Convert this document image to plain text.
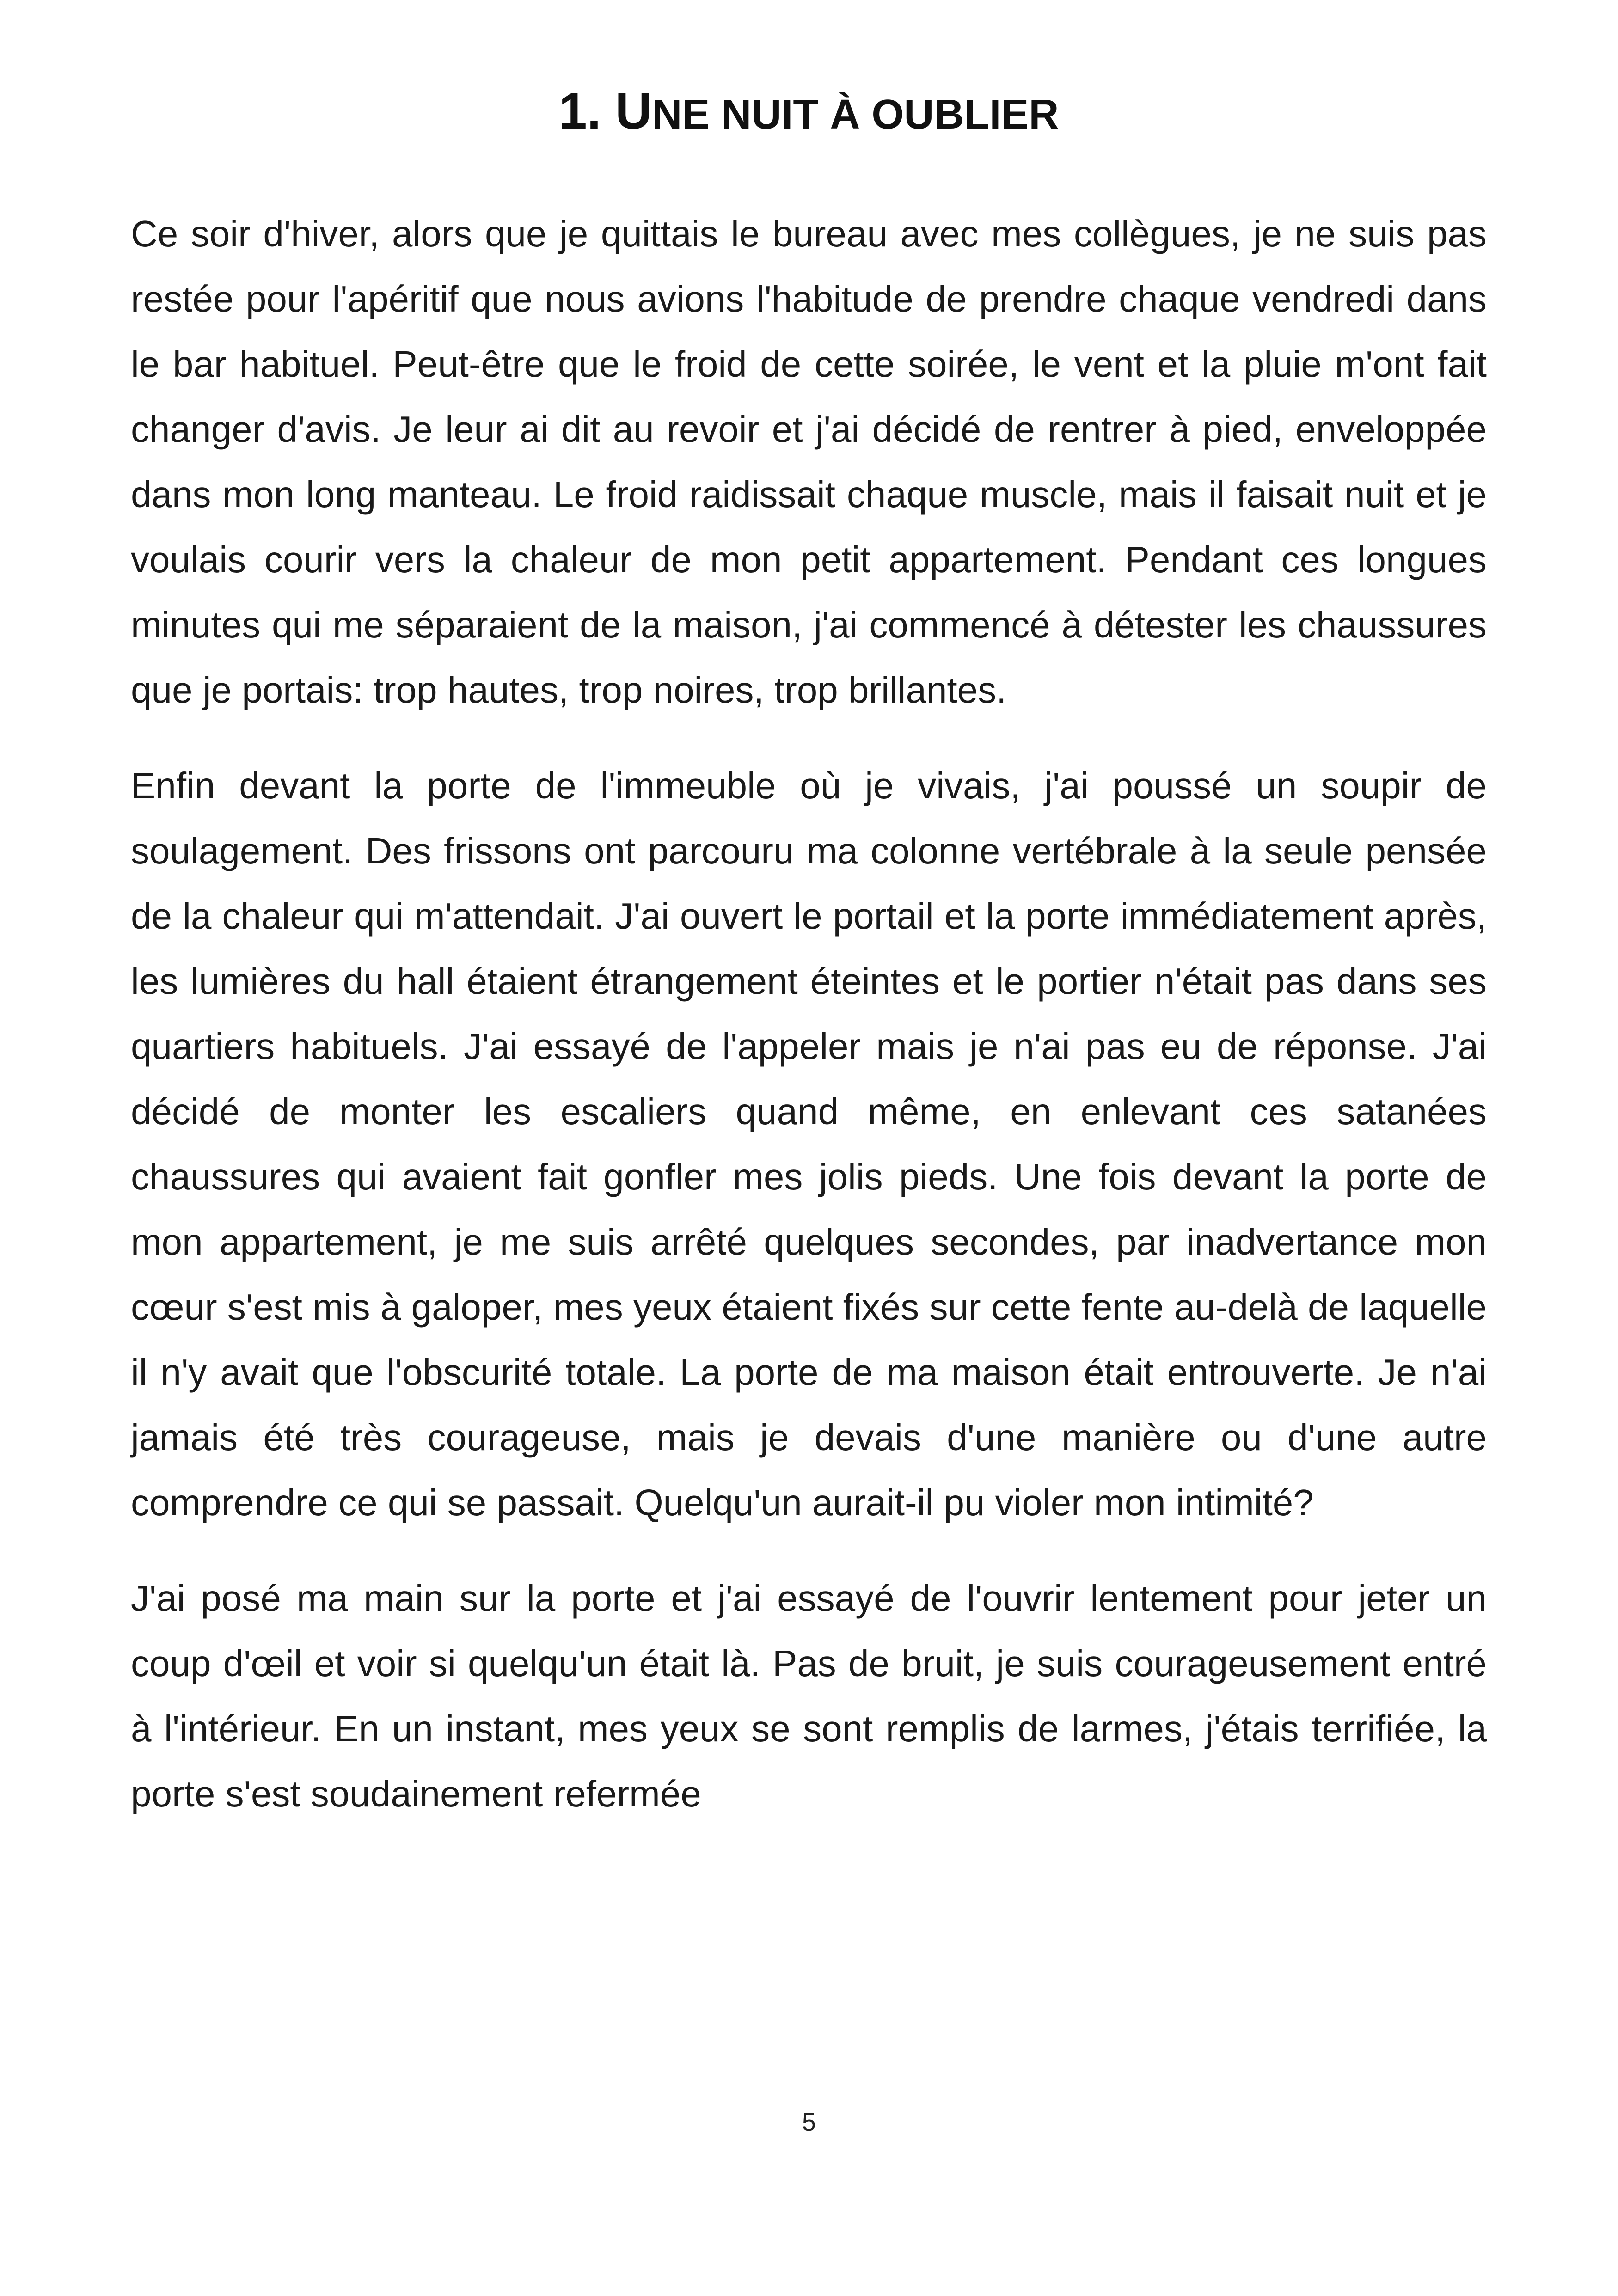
1. UNE NUIT À OUBLIER

Ce soir d'hiver, alors que je quittais le bureau avec mes collègues, je ne suis pas restée pour l'apéritif que nous avions l'habitude de prendre chaque vendredi dans le bar habituel. Peut-être que le froid de cette soirée, le vent et la pluie m'ont fait changer d'avis. Je leur ai dit au revoir et j'ai décidé de rentrer à pied, enveloppée dans mon long manteau. Le froid raidissait chaque muscle, mais il faisait nuit et je voulais courir vers la chaleur de mon petit appartement. Pendant ces longues minutes qui me séparaient de la maison, j'ai commencé à détester les chaussures que je portais: trop hautes, trop noires, trop brillantes.

Enfin devant la porte de l'immeuble où je vivais, j'ai poussé un soupir de soulagement. Des frissons ont parcouru ma colonne vertébrale à la seule pensée de la chaleur qui m'attendait. J'ai ouvert le portail et la porte immédiatement après, les lumières du hall étaient étrangement éteintes et le portier n'était pas dans ses quartiers habituels. J'ai essayé de l'appeler mais je n'ai pas eu de réponse. J'ai décidé de monter les escaliers quand même, en enlevant ces satanées chaussures qui avaient fait gonfler mes jolis pieds. Une fois devant la porte de mon appartement, je me suis arrêté quelques secondes, par inadvertance mon cœur s'est mis à galoper, mes yeux étaient fixés sur cette fente au-delà de laquelle il n'y avait que l'obscurité totale. La porte de ma maison était entrouverte. Je n'ai jamais été très courageuse, mais je devais d'une manière ou d'une autre comprendre ce qui se passait. Quelqu'un aurait-il pu violer mon intimité?

J'ai posé ma main sur la porte et j'ai essayé de l'ouvrir lentement pour jeter un coup d'œil et voir si quelqu'un était là. Pas de bruit, je suis courageusement entré à l'intérieur. En un instant, mes yeux se sont remplis de larmes, j'étais terrifiée, la porte s'est soudainement refermée

5
